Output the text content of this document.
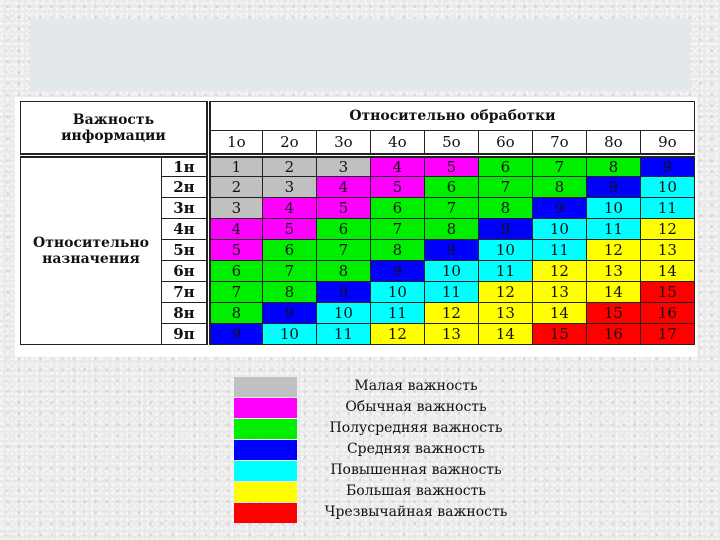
Важность информации		Относительно обработки								
		1о	2о	3о	4о	5о	6о	7о	8о	9о
Относительно назначения	1н	1	2	3	4	5	6	7	8	9
	2н	2	3	4	5	6	7	8	9	10
	3н	3	4	5	6	7	8	9	10	11
	4н	4	5	6	7	8	9	10	11	12
	5н	5	6	7	8	9	10	11	12	13
	6н	6	7	8	9	10	11	12	13	14
	7н	7	8	9	10	11	12	13	14	15
	8н	8	9	10	11	12	13	14	15	16
	9п	9	10	11	12	13	14	15	16	17
Малая важность
Обычная важность
Полусредняя важность
Средняя важность
Повышенная важность
Большая важность
Чрезвычайная важность
